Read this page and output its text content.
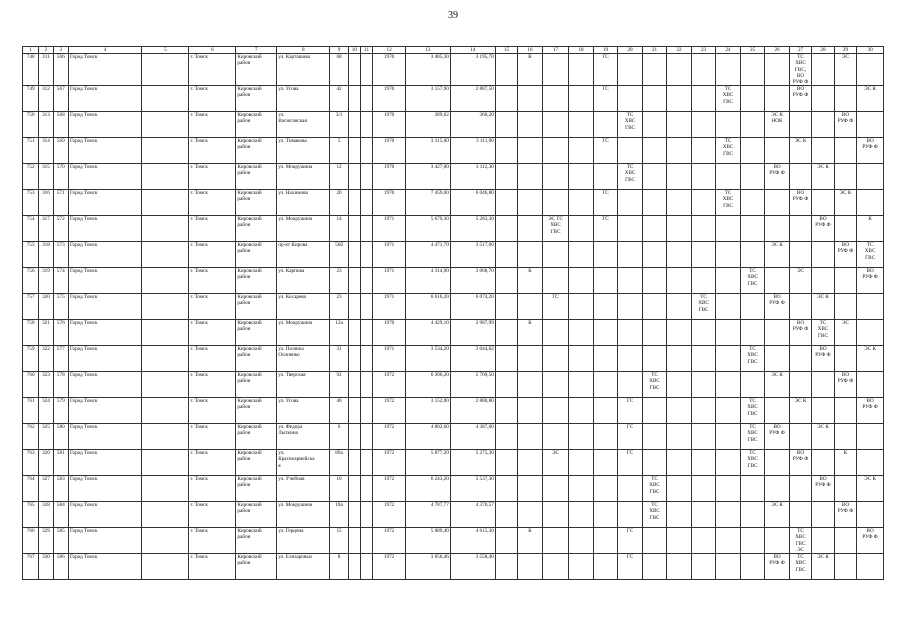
39
1	2	3	4	5	6	7	8	9	10	11	12	13	14	15	16	17	18	19	20	21	22	23	24	25	26	27	28	29	30
748	311	566	Город Томск		г. Томск	Кировский район	ул. Карташова	68			1970	3 405,30	3 195,70		К			ГС								ТС
ХВС
ГВС,
ВО
РУФ Ф		ЭС	
749	312	567	Город Томск		г. Томск	Кировский район	ул. Усова	42			1970	3 157,90	2 887,50					ГС					ТС
ХВС
ГВС			ВО
РУФ Ф			ЭС К
750	313	568	Город Томск		г. Томск	Кировский район	ул.
Васюганская	3/1			1970	389,02	360,20						ТС
ХВС
ГВС						ЭС К
НОК			ВО
РУФ Ф	
751	314	569	Город Томск		г. Томск	Кировский район	ул. Тимакова	5			1970	3 315,00	3 111,00					ГС					ТС
ХВС
ГВС			ЭС К			ВО
РУФ Ф
752	315	570	Город Томск		г. Томск	Кировский район	ул. Мокрушина	12			1970	3 427,00	3 112,30						ТС
ХВС
ГВС						ВО
РУФ Ф		ЭС К		
753	316	571	Город Томск		г. Томск	Кировский район	ул. Нахимова	20			1970	7 459,00	6 046,80					ГС					ТС
ХВС
ГВС			ВО
РУФ Ф		ЭС К	
754	317	572	Город Томск		г. Томск	Кировский район	ул. Мокрушина	14			1971	5 679,30	5 283,30			ЭС ТС
ХВС
ГВС		ГС									ВО
РУФ Ф		К
755	318	573	Город Томск		г. Томск	Кировский район	пр-кт Кирова	56б			1971	4 471,70	3 517,00												ЭС К			ВО
РУФ Ф	ТС
ХВС
ГВС
756	319	574	Город Томск		г. Томск	Кировский район	ул. Карпова	23			1971	4 314,90	3 068,70		К									ТС
ХВС
ГВС		ЭС			ВО
РУФ Ф
757	320	575	Город Томск		г. Томск	Кировский район	ул. Косарева	23			1971	6 616,20	6 074,20			ГС						ТС
ХВС
ГВС			ВО
РУФ Ф		ЭС К		
758	321	576	Город Томск		г. Томск	Кировский район	ул. Мокрушина	12а			1970	4 429,10	3 987,99		К											ВО
РУФ Ф	ТС
ХВС
ГВС	ЭС	
759	322	577	Город Томск		г. Томск	Кировский район	ул. Полины
Осипенко	31			1971	3 534,20	3 044,82											ТС
ХВС
ГВС			ВО
РУФ Ф		ЭС К
760	323	578	Город Томск		г. Томск	Кировский район	ул. Тверская	92			1972	6 306,20	5 709,50							ТС
ХВС
ГВС					ЭС К			ВО
РУФ Ф	
761	324	579	Город Томск		г. Томск	Кировский район	ул. Усова	40			1972	3 152,80	2 880,80						ГС					ТС
ХВС
ГВС		ЭС К			ВО
РУФ Ф
762	325	580	Город Томск		г. Томск	Кировский район	ул. Федора
Лыткина	6			1972	4 802,60	4 387,00						ГС					ТС
ХВС
ГВС	ВО
РУФ Ф		ЭС К		
763	326	581	Город Томск		г. Томск	Кировский район	ул.
Красноармейска
я	89а			1972	5 877,20	5 275,30			ЭС			ГС					ТС
ХВС
ГВС		ВО
РУФ Ф		К	
764	327	583	Город Томск		г. Томск	Кировский район	ул. Учебная	10			1972	6 243,20	5 537,30							ТС
ХВС
ГВС							ВО
РУФ Ф		ЭС К
765	328	584	Город Томск		г. Томск	Кировский район	ул. Мокрушина	18а			1972	4 787,77	4 370,57							ТС
ХВС
ГВС					ЭС К			ВО
РУФ Ф	
766	329	585	Город Томск		г. Томск	Кировский район	ул. Герцена	15			1972	5 089,40	4 615,30		К				ГС							ТС
ХВС
ГВС
ЭС			ВО
РУФ Ф
767	330	586	Город Томск		г. Томск	Кировский район	ул. Елизаровых	8			1972	3 856,46	3 558,40						ГС						ВО
РУФ Ф	ТС
ХВС
ГВС	ЭС К		
